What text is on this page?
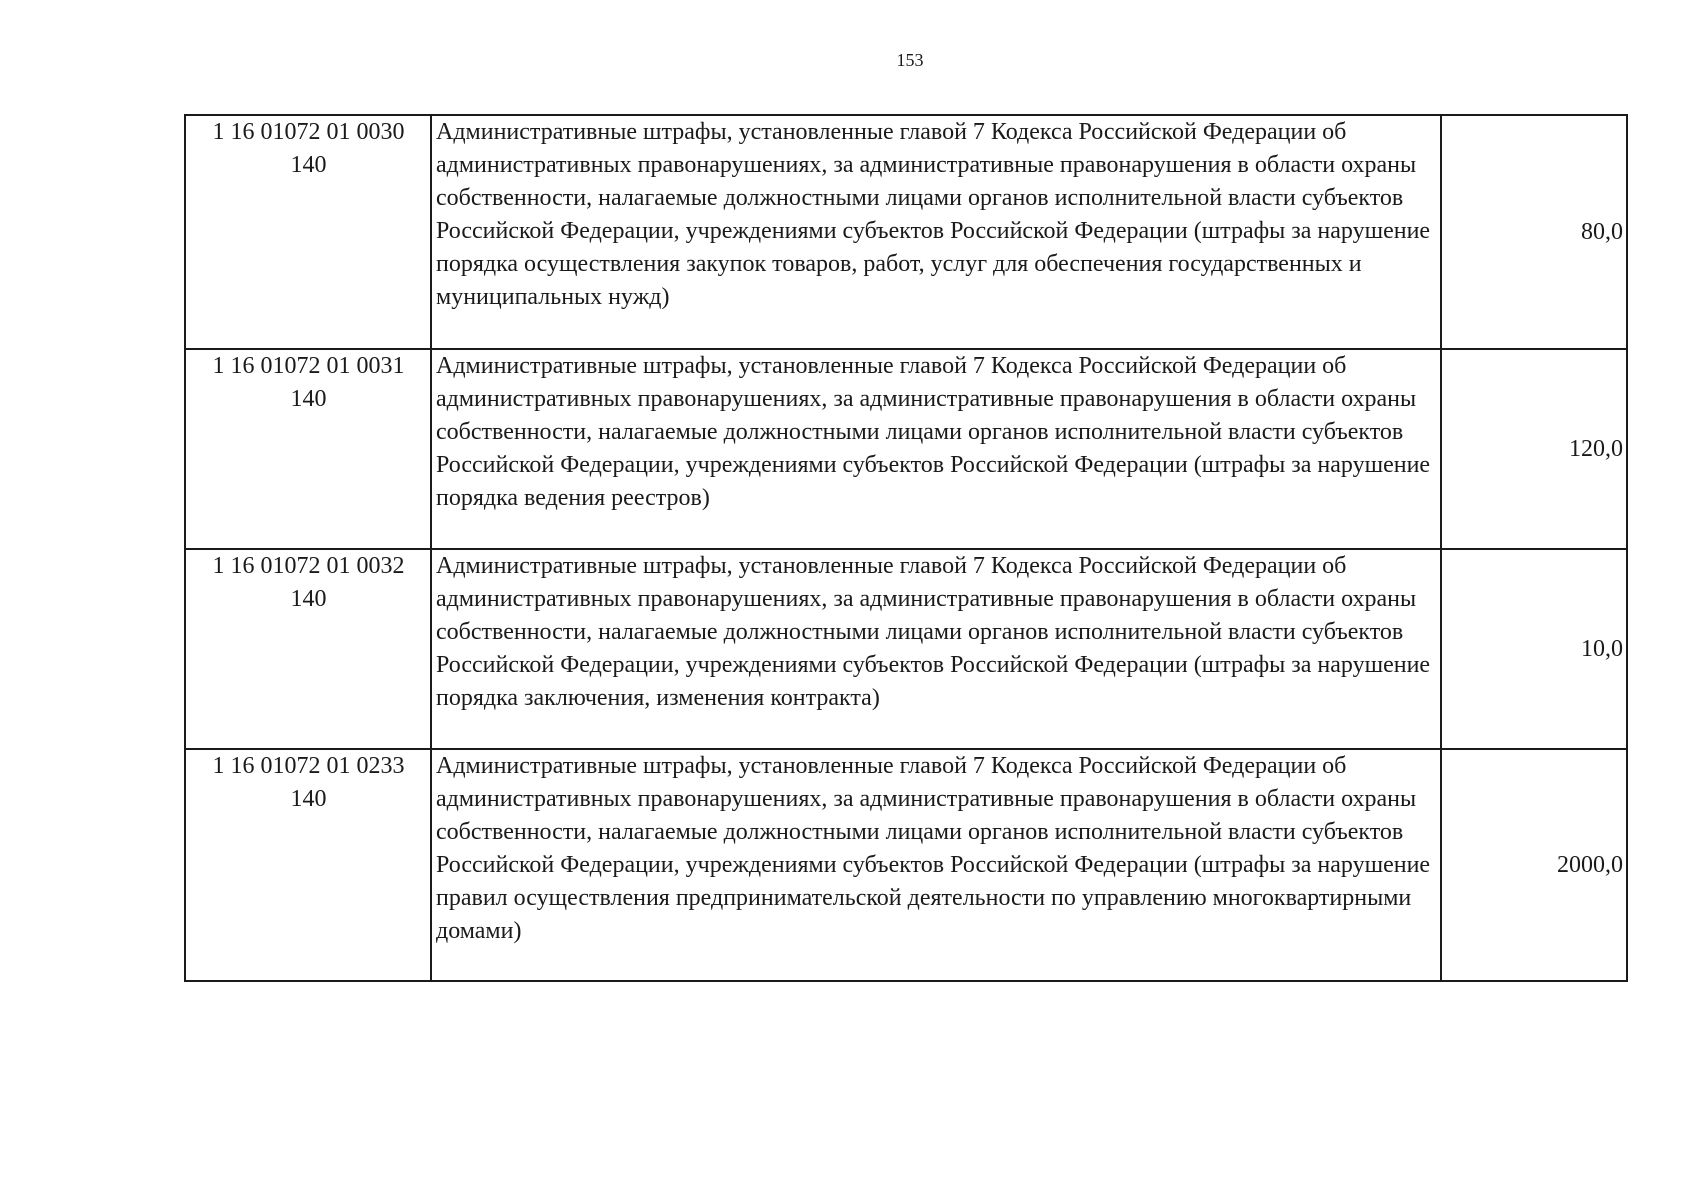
153
1 16 01072 01 0030
140	Административные штрафы, установленные главой 7 Кодекса Российской Федерации об административных правонарушениях, за административные правонарушения в области охраны собственности, налагаемые должностными лицами органов исполнительной власти субъектов Российской Федерации, учреждениями субъектов Российской Федерации (штрафы за нарушение порядка осуществления закупок товаров, работ, услуг для обеспечения государственных и муниципальных нужд)	80,0
1 16 01072 01 0031
140	Административные штрафы, установленные главой 7 Кодекса Российской Федерации об административных правонарушениях, за административные правонарушения в области охраны собственности, налагаемые должностными лицами органов исполнительной власти субъектов Российской Федерации, учреждениями субъектов Российской Федерации (штрафы за нарушение порядка ведения реестров)	120,0
1 16 01072 01 0032
140	Административные штрафы, установленные главой 7 Кодекса Российской Федерации об административных правонарушениях, за административные правонарушения в области охраны собственности, налагаемые должностными лицами органов исполнительной власти субъектов Российской Федерации, учреждениями субъектов Российской Федерации (штрафы за нарушение порядка заключения, изменения контракта)	10,0
1 16 01072 01 0233
140	Административные штрафы, установленные главой 7 Кодекса Российской Федерации об административных правонарушениях, за административные правонарушения в области охраны собственности, налагаемые должностными лицами органов исполнительной власти субъектов Российской Федерации, учреждениями субъектов Российской Федерации (штрафы за нарушение правил осуществления предпринимательской деятельности по управлению многоквартирными домами)	2000,0
